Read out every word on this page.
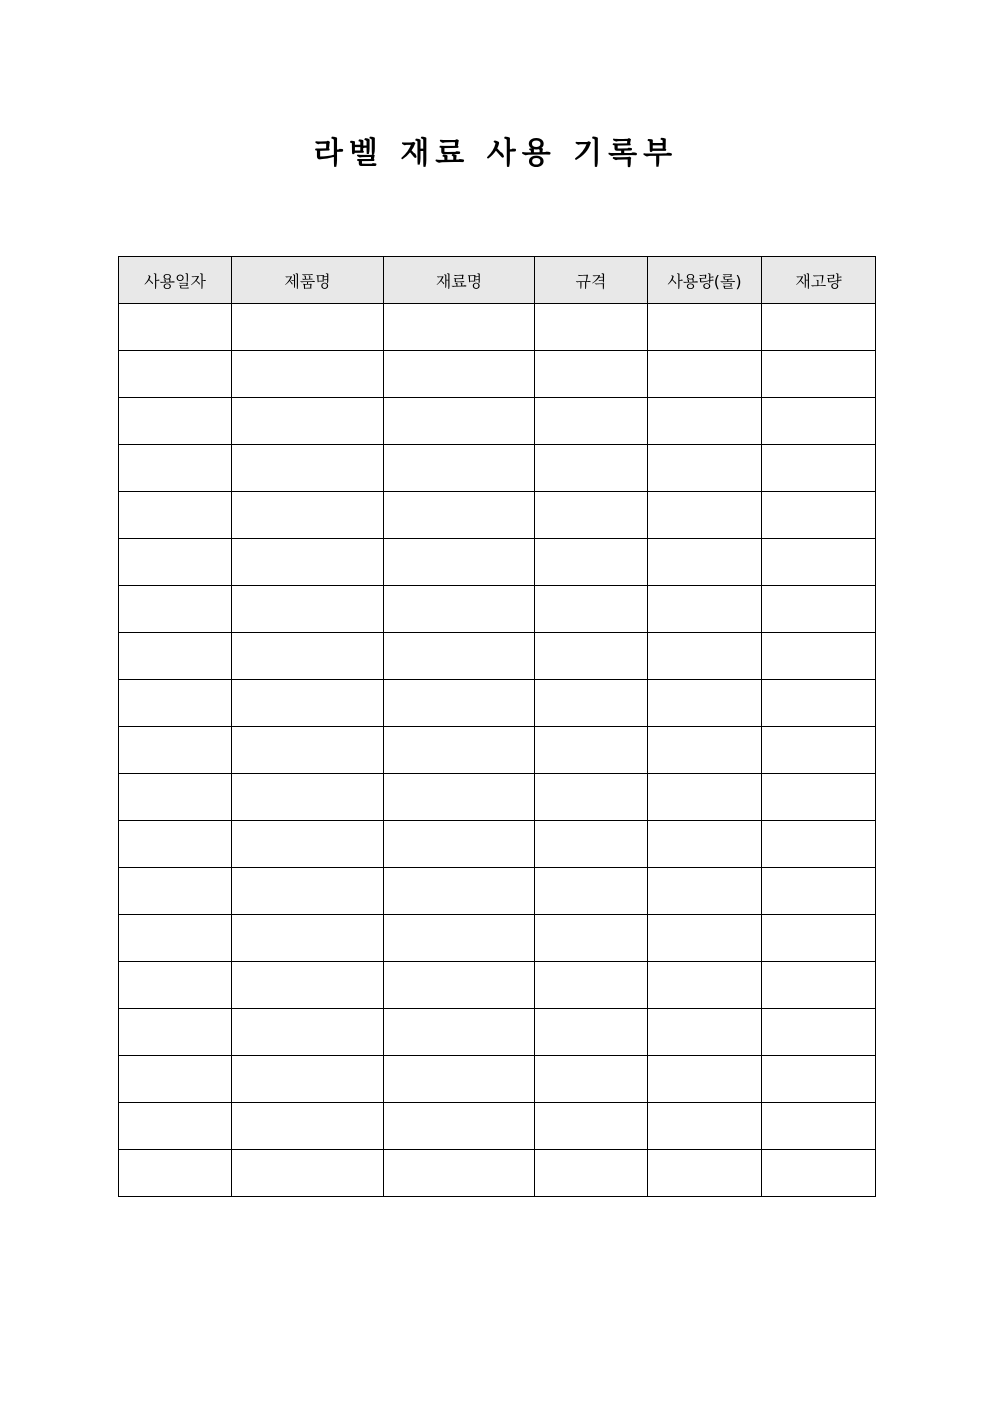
라벨 재료 사용 기록부
사용일자	제품명	재료명	규격	사용량(롤)	재고량
